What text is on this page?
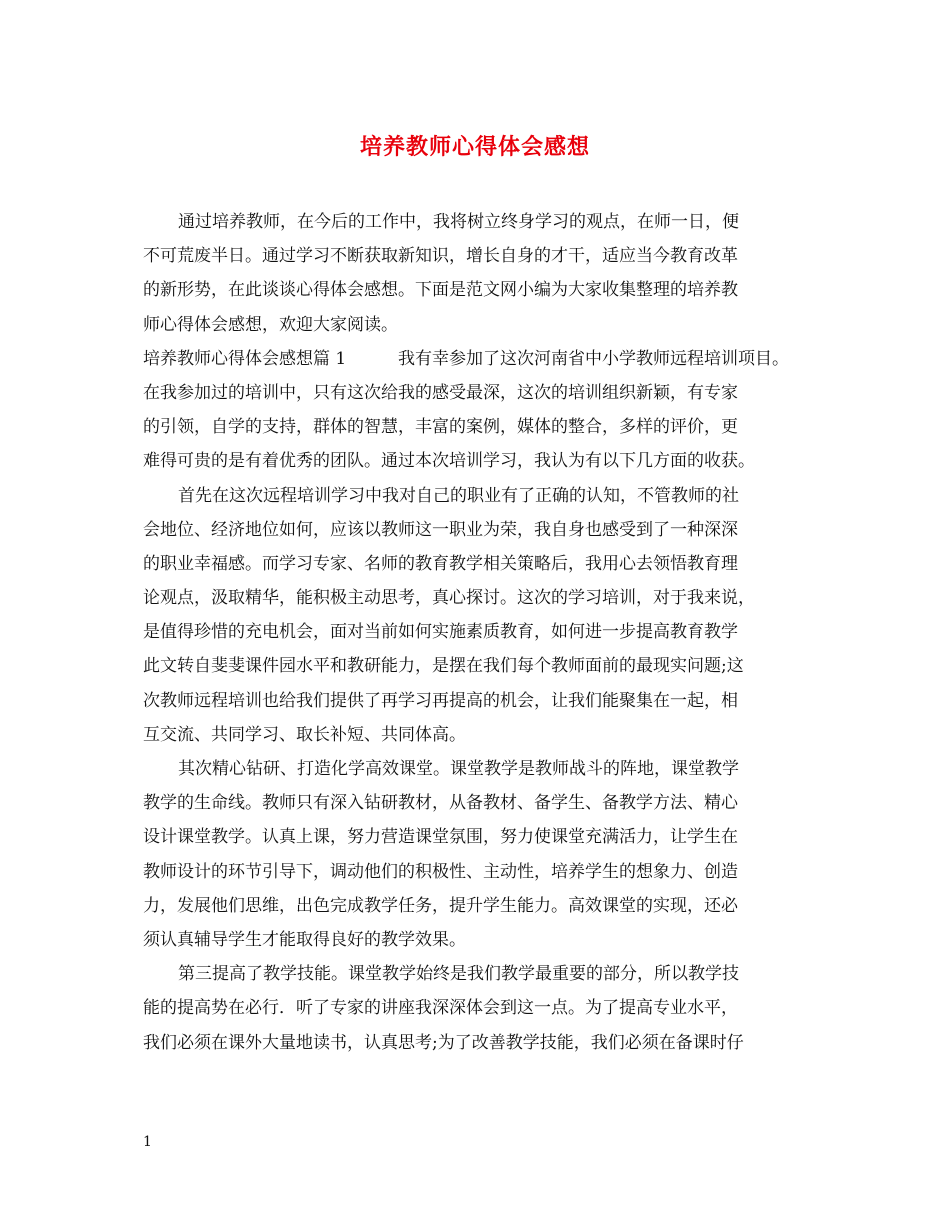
培养教师心得体会感想
通过培养教师，在今后的工作中，我将树立终身学习的观点，在师一日，便
不可荒废半日。通过学习不断获取新知识，增长自身的才干，适应当今教育改革
的新形势，在此谈谈心得体会感想。下面是范文网小编为大家收集整理的培养教
师心得体会感想，欢迎大家阅读。
培养教师心得体会感想篇 1	我有幸参加了这次河南省中小学教师远程培训项目。
在我参加过的培训中，只有这次给我的感受最深，这次的培训组织新颖，有专家
的引领，自学的支持，群体的智慧，丰富的案例，媒体的整合，多样的评价，更
难得可贵的是有着优秀的团队。通过本次培训学习，我认为有以下几方面的收获。
首先在这次远程培训学习中我对自己的职业有了正确的认知，不管教师的社
会地位、经济地位如何，应该以教师这一职业为荣，我自身也感受到了一种深深
的职业幸福感。而学习专家、名师的教育教学相关策略后，我用心去领悟教育理
论观点，汲取精华，能积极主动思考，真心探讨。这次的学习培训，对于我来说，
是值得珍惜的充电机会，面对当前如何实施素质教育，如何进一步提高教育教学
此文转自斐斐课件园水平和教研能力，是摆在我们每个教师面前的最现实问题;这
次教师远程培训也给我们提供了再学习再提高的机会，让我们能聚集在一起，相
互交流、共同学习、取长补短、共同体高。
其次精心钻研、打造化学高效课堂。课堂教学是教师战斗的阵地，课堂教学
教学的生命线。教师只有深入钻研教材，从备教材、备学生、备教学方法、精心
设计课堂教学。认真上课，努力营造课堂氛围，努力使课堂充满活力，让学生在
教师设计的环节引导下，调动他们的积极性、主动性，培养学生的想象力、创造
力，发展他们思维，出色完成教学任务，提升学生能力。高效课堂的实现，还必
须认真辅导学生才能取得良好的教学效果。
第三提高了教学技能。课堂教学始终是我们教学最重要的部分，所以教学技
能的提高势在必行．听了专家的讲座我深深体会到这一点。为了提高专业水平，
我们必须在课外大量地读书，认真思考;为了改善教学技能，我们必须在备课时仔
1
